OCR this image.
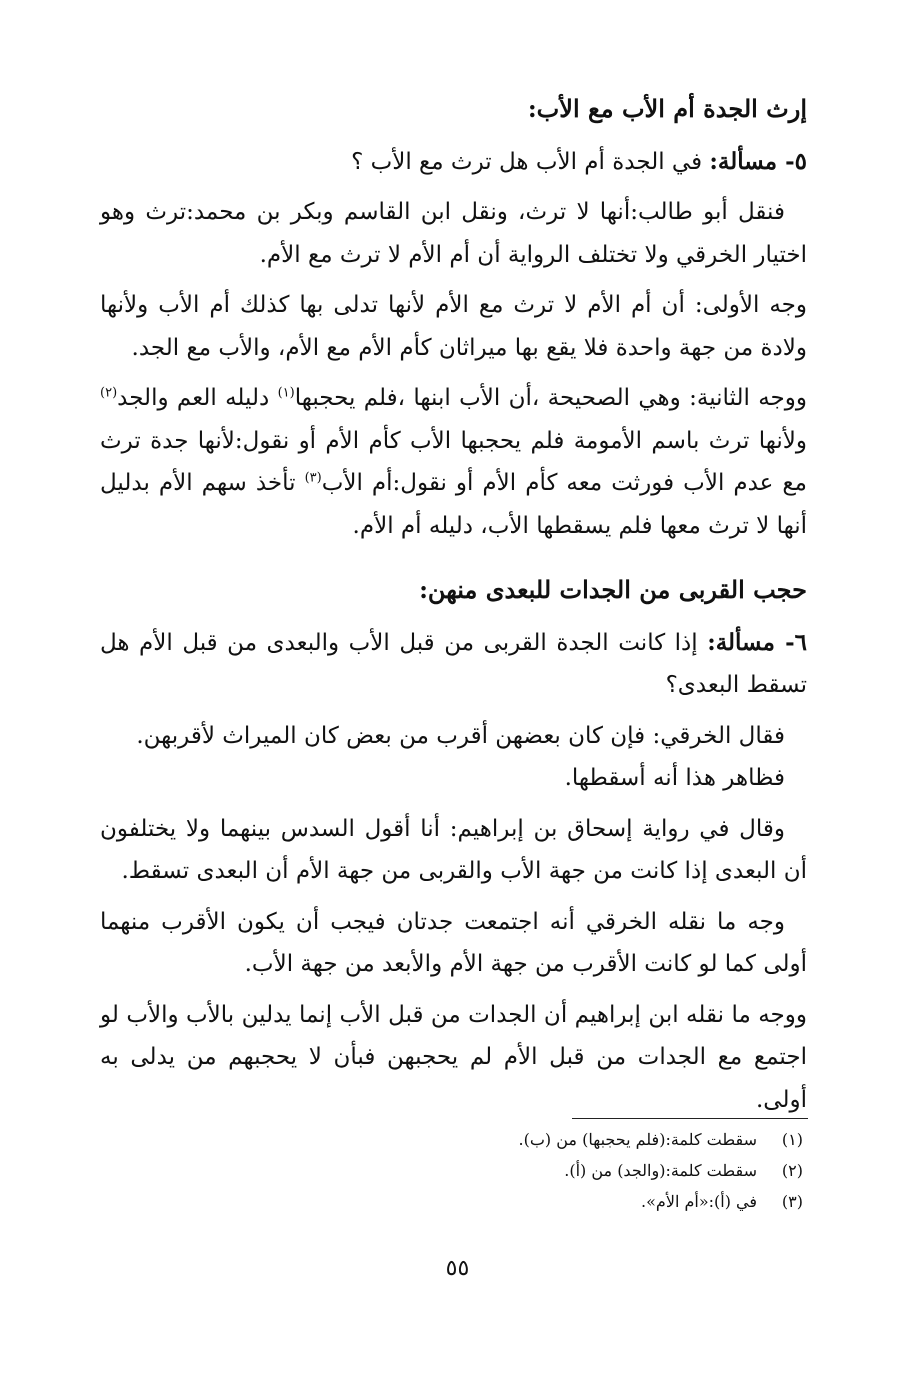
إرث الجدة أم الأب مع الأب:

٥- مسألة: في الجدة أم الأب هل ترث مع الأب ؟

فنقل أبو طالب:أنها لا ترث، ونقل ابن القاسم وبكر بن محمد:ترث وهو اختيار الخرقي ولا تختلف الرواية أن أم الأم لا ترث مع الأم.

وجه الأولى: أن أم الأم لا ترث مع الأم لأنها تدلى بها كذلك أم الأب ولأنها ولادة من جهة واحدة فلا يقع بها ميراثان كأم الأم مع الأم، والأب مع الجد.

ووجه الثانية: وهي الصحيحة ،أن الأب ابنها ،فلم يحجبها$^{(١)}$ دليله العم والجد$^{(٢)}$ ولأنها ترث باسم الأمومة فلم يحجبها الأب كأم الأم أو نقول:لأنها جدة ترث مع عدم الأب فورثت معه كأم الأم أو نقول:أم الأب$^{(٣)}$ تأخذ سهم الأم بدليل أنها لا ترث معها فلم يسقطها الأب، دليله أم الأم.

حجب القربى من الجدات للبعدى منهن:

٦- مسألة: إذا كانت الجدة القربى من قبل الأب والبعدى من قبل الأم هل تسقط البعدى؟

فقال الخرقي: فإن كان بعضهن أقرب من بعض كان الميراث لأقربهن.

فظاهر هذا أنه أسقطها.

وقال في رواية إسحاق بن إبراهيم: أنا أقول السدس بينهما ولا يختلفون أن البعدى إذا كانت من جهة الأب والقربى من جهة الأم أن البعدى تسقط.

وجه ما نقله الخرقي أنه اجتمعت جدتان فيجب أن يكون الأقرب منهما أولى كما لو كانت الأقرب من جهة الأم والأبعد من جهة الأب.

ووجه ما نقله ابن إبراهيم أن الجدات من قبل الأب إنما يدلين بالأب والأب لو اجتمع مع الجدات من قبل الأم لم يحجبهن فبأن لا يحجبهم من يدلى به أولى.

(١)
سقطت كلمة:(فلم يحجبها) من (ب).
(٢)
سقطت كلمة:(والجد) من (أ).
(٣)
في (أ):«أم الأم».
٥٥
